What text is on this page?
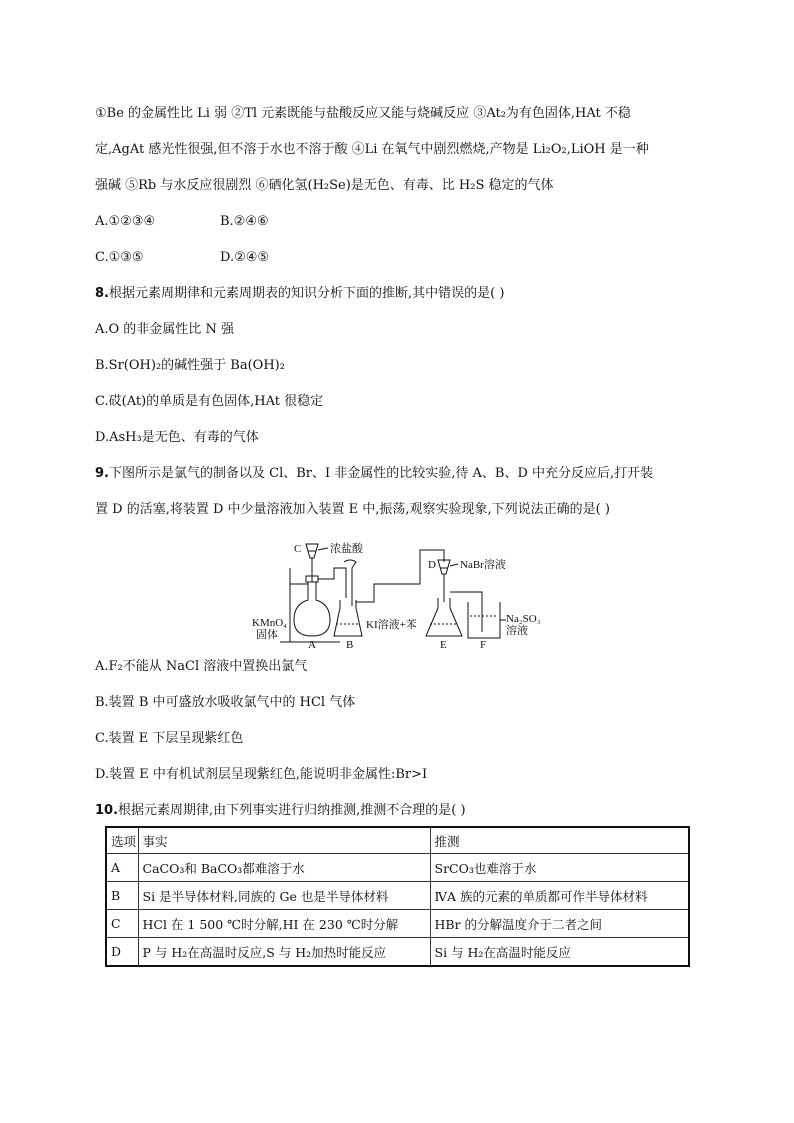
①Be 的金属性比 Li 弱 ②Tl 元素既能与盐酸反应又能与烧碱反应 ③At₂为有色固体,HAt 不稳
定,AgAt 感光性很强,但不溶于水也不溶于酸 ④Li 在氧气中剧烈燃烧,产物是 Li₂O₂,LiOH 是一种
强碱 ⑤Rb 与水反应很剧烈 ⑥硒化氢(H₂Se)是无色、有毒、比 H₂S 稳定的气体
A.①②③④	B.②④⑥
C.①③⑤	D.②④⑤
8.根据元素周期律和元素周期表的知识分析下面的推断,其中错误的是( )
A.O 的非金属性比 N 强
B.Sr(OH)₂的碱性强于 Ba(OH)₂
C.砹(At)的单质是有色固体,HAt 很稳定
D.AsH₃是无色、有毒的气体
9.下图所示是氯气的制备以及 Cl、Br、I 非金属性的比较实验,待 A、B、D 中充分反应后,打开装
置 D 的活塞,将装置 D 中少量溶液加入装置 E 中,振荡,观察实验现象,下列说法正确的是( )
C	浓盐酸
D NaBr溶液
KMnO₄
固体
A	B
KI溶液+苯
E	F
Na₂SO₃
溶液
A.F₂不能从 NaCl 溶液中置换出氯气
B.装置 B 中可盛放水吸收氯气中的 HCl 气体
C.装置 E 下层呈现紫红色
D.装置 E 中有机试剂层呈现紫红色,能说明非金属性:Br>I
10.根据元素周期律,由下列事实进行归纳推测,推测不合理的是( )
选项	事实	推测
A	CaCO₃和 BaCO₃都难溶于水	SrCO₃也难溶于水
B	Si 是半导体材料,同族的 Ge 也是半导体材料	ⅣA 族的元素的单质都可作半导体材料
C	HCl 在 1 500 ℃时分解,HI 在 230 ℃时分解	HBr 的分解温度介于二者之间
D	P 与 H₂在高温时反应,S 与 H₂加热时能反应	Si 与 H₂在高温时能反应
